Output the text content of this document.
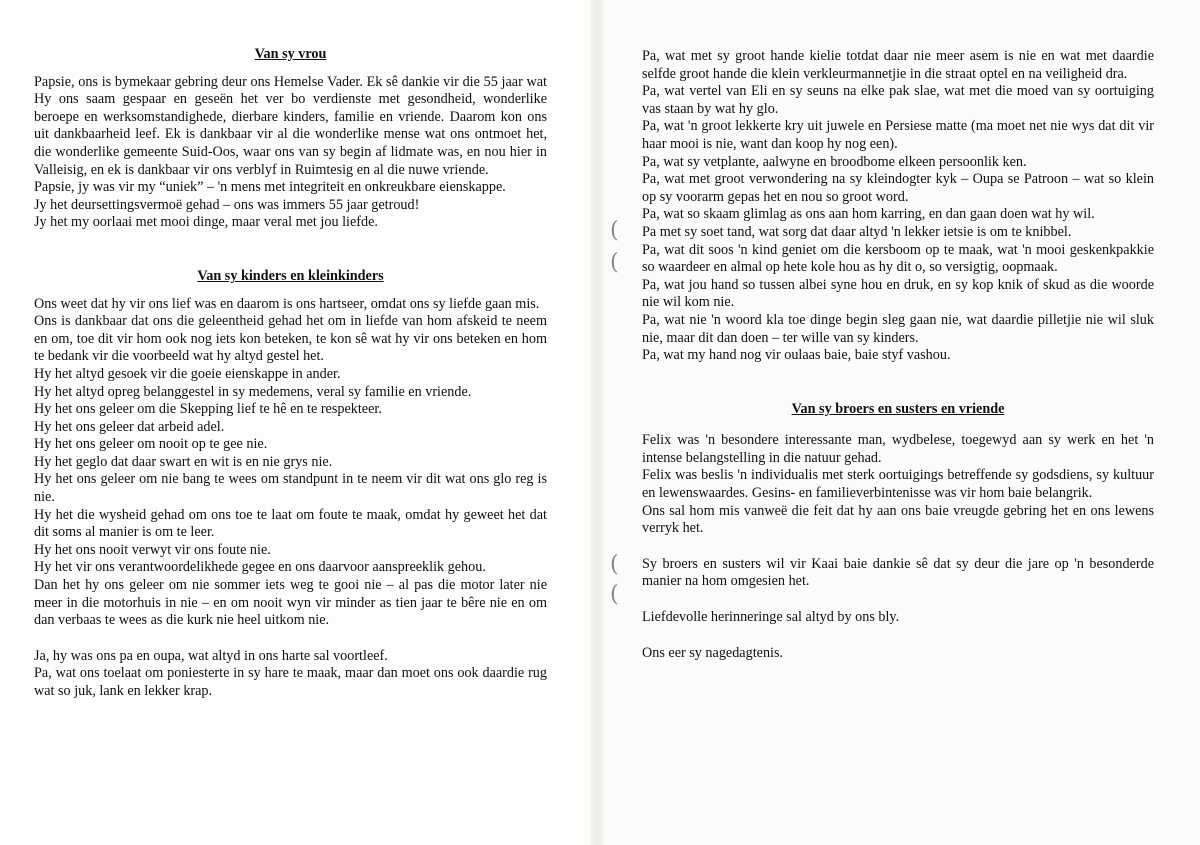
Van sy vrou

Papsie, ons is bymekaar gebring deur ons Hemelse Vader. Ek sê dankie vir die 55 jaar wat Hy ons saam gespaar en geseën het ver bo verdienste met gesondheid, wonderlike beroepe en werksomstandighede, dierbare kinders, familie en vriende. Daarom kon ons uit dankbaarheid leef. Ek is dankbaar vir al die wonderlike mense wat ons ontmoet het, die wonderlike gemeente Suid-Oos, waar ons van sy begin af lidmate was, en nou hier in Valleisig, en ek is dankbaar vir ons verblyf in Ruimtesig en al die nuwe vriende.

Papsie, jy was vir my “uniek” – 'n mens met integriteit en onkreukbare eienskappe.

Jy het deursettingsvermoë gehad – ons was immers 55 jaar getroud!

Jy het my oorlaai met mooi dinge, maar veral met jou liefde.

Van sy kinders en kleinkinders

Ons weet dat hy vir ons lief was en daarom is ons hartseer, omdat ons sy liefde gaan mis.

Ons is dankbaar dat ons die geleentheid gehad het om in liefde van hom afskeid te neem en om, toe dit vir hom ook nog iets kon beteken, te kon sê wat hy vir ons beteken en hom te bedank vir die voorbeeld wat hy altyd gestel het.

Hy het altyd gesoek vir die goeie eienskappe in ander.

Hy het altyd opreg belanggestel in sy medemens, veral sy familie en vriende.

Hy het ons geleer om die Skepping lief te hê en te respekteer.

Hy het ons geleer dat arbeid adel.

Hy het ons geleer om nooit op te gee nie.

Hy het geglo dat daar swart en wit is en nie grys nie.

Hy het ons geleer om nie bang te wees om standpunt in te neem vir dit wat ons glo reg is nie.

Hy het die wysheid gehad om ons toe te laat om foute te maak, omdat hy geweet het dat dit soms al manier is om te leer.

Hy het ons nooit verwyt vir ons foute nie.

Hy het vir ons verantwoordelikhede gegee en ons daarvoor aanspreeklik gehou.

Dan het hy ons geleer om nie sommer iets weg te gooi nie – al pas die motor later nie meer in die motorhuis in nie – en om nooit wyn vir minder as tien jaar te bêre nie en om dan verbaas te wees as die kurk nie heel uitkom nie.

Ja, hy was ons pa en oupa, wat altyd in ons harte sal voortleef.

Pa, wat ons toelaat om poniesterte in sy hare te maak, maar dan moet ons ook daardie rug wat so juk, lank en lekker krap.

(
(
(
(

Pa, wat met sy groot hande kielie totdat daar nie meer asem is nie en wat met daardie selfde groot hande die klein verkleurmannetjie in die straat optel en na veiligheid dra.

Pa, wat vertel van Eli en sy seuns na elke pak slae, wat met die moed van sy oortuiging vas staan by wat hy glo.

Pa, wat 'n groot lekkerte kry uit juwele en Persiese matte (ma moet net nie wys dat dit vir haar mooi is nie, want dan koop hy nog een).

Pa, wat sy vetplante, aalwyne en broodbome elkeen persoonlik ken.

Pa, wat met groot verwondering na sy kleindogter kyk – Oupa se Patroon – wat so klein op sy voorarm gepas het en nou so groot word.

Pa, wat so skaam glimlag as ons aan hom karring, en dan gaan doen wat hy wil.

Pa met sy soet tand, wat sorg dat daar altyd 'n lekker ietsie is om te knibbel.

Pa, wat dit soos 'n kind geniet om die kersboom op te maak, wat 'n mooi geskenkpakkie so waardeer en almal op hete kole hou as hy dit o, so versigtig, oopmaak.

Pa, wat jou hand so tussen albei syne hou en druk, en sy kop knik of skud as die woorde nie wil kom nie.

Pa, wat nie 'n woord kla toe dinge begin sleg gaan nie, wat daardie pilletjie nie wil sluk nie, maar dit dan doen – ter wille van sy kinders.

Pa, wat my hand nog vir oulaas baie, baie styf vashou.

Van sy broers en susters en vriende

Felix was 'n besondere interessante man, wydbelese, toegewyd aan sy werk en het 'n intense belangstelling in die natuur gehad.

Felix was beslis 'n individualis met sterk oortuigings betreffende sy godsdiens, sy kultuur en lewenswaardes. Gesins- en familieverbintenisse was vir hom baie belangrik.

Ons sal hom mis vanweë die feit dat hy aan ons baie vreugde gebring het en ons lewens verryk het.

Sy broers en susters wil vir Kaai baie dankie sê dat sy deur die jare op 'n besonderde manier na hom omgesien het.

Liefdevolle herinneringe sal altyd by ons bly.

Ons eer sy nagedagtenis.
